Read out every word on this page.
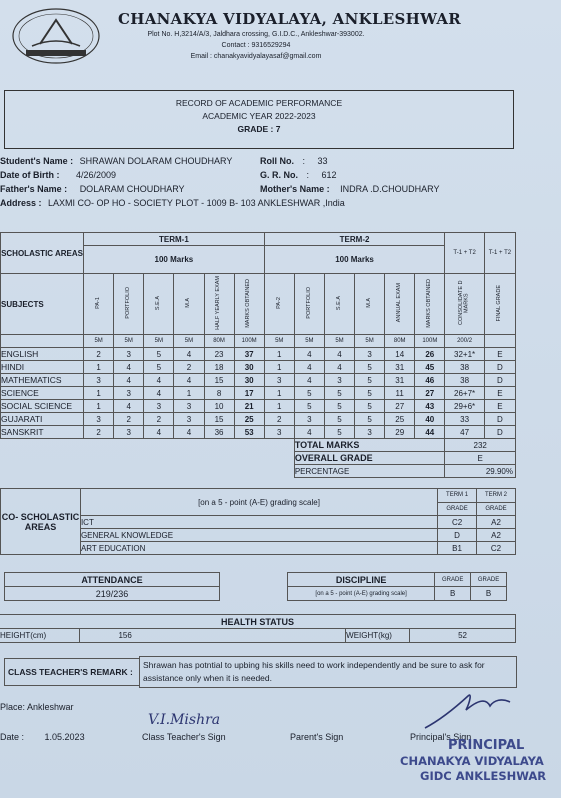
CHANAKYA VIDYALAYA, ANKLESHWAR
Plot No. H,3214/A/3, Jaldhara crossing, G.I.D.C., Ankleshwar-393002.
Contact : 9316529294
Email : chanakyavidyalayasaf@gmail.com
RECORD OF ACADEMIC PERFORMANCE
ACADEMIC YEAR 2022-2023
GRADE : 7
Student's Name : SHRAWAN DOLARAM CHOUDHARY	Roll No. : 33
Date of Birth : 4/26/2009	G. R. No. : 612
Father's Name : DOLARAM CHOUDHARY	Mother's Name : INDRA .D.CHOUDHARY
Address : LAXMI CO- OP HO - SOCIETY PLOT - 1009 B- 103 ANKLESHWAR ,India
SCHOLASTIC AREAS	TERM-1						TERM-2						T-1 + T2	T-1 + T2
	100 Marks						100 Marks							
SUBJECTS	PA-1	PORTFOLIO	S.E.A	M.A	HALF YEARLY EXAM	MARKS OBTAINED	PA-2	PORTFOLIO	S.E.A	M.A	ANNUAL EXAM	MARKS OBTAINED	CONSOLIDATE D MARKS	FINAL GRADE
	5M	5M	5M	5M	80M	100M	5M	5M	5M	5M	80M	100M	200/2	
ENGLISH	2	3	5	4	23	37	1	4	4	3	14	26	32+1*	E
HINDI	1	4	5	2	18	30	1	4	4	5	31	45	38	D
MATHEMATICS	3	4	4	4	15	30	3	4	3	5	31	46	38	D
SCIENCE	1	3	4	1	8	17	1	5	5	5	11	27	26+7*	E
SOCIAL SCIENCE	1	4	3	3	10	21	1	5	5	5	27	43	29+6*	E
GUJARATI	3	2	2	3	15	25	2	3	5	5	25	40	33	D
SANSKRIT	2	3	4	4	36	53	3	4	5	3	29	44	47	D
								TOTAL MARKS					232	
								OVERALL GRADE					E	
								PERCENTAGE					29.90%	
CO- SCHOLASTIC AREAS	[on a 5 - point (A-E) grading scale]	TERM 1	TERM 2
		GRADE	GRADE
	ICT	C2	A2
	GENERAL KNOWLEDGE	D	A2
	ART EDUCATION	B1	C2
ATTENDANCE
219/236
DISCIPLINE	GRADE	GRADE
[on a 5 - point (A-E) grading scale]	B	B
HEALTH STATUS
HEIGHT(cm)	156	WEIGHT(kg)	52
CLASS TEACHER'S REMARK :
Shrawan has potntial to upbing his skills need to work independently and be sure to ask for assistance only when it is needed.
Place: Ankleshwar
Date : 1.05.2023
V.I.Mishra
Class Teacher's Sign	Parent's Sign	Principal's Sign
PRINCIPAL
CHANAKYA VIDYALAYA
GIDC ANKLESHWAR
